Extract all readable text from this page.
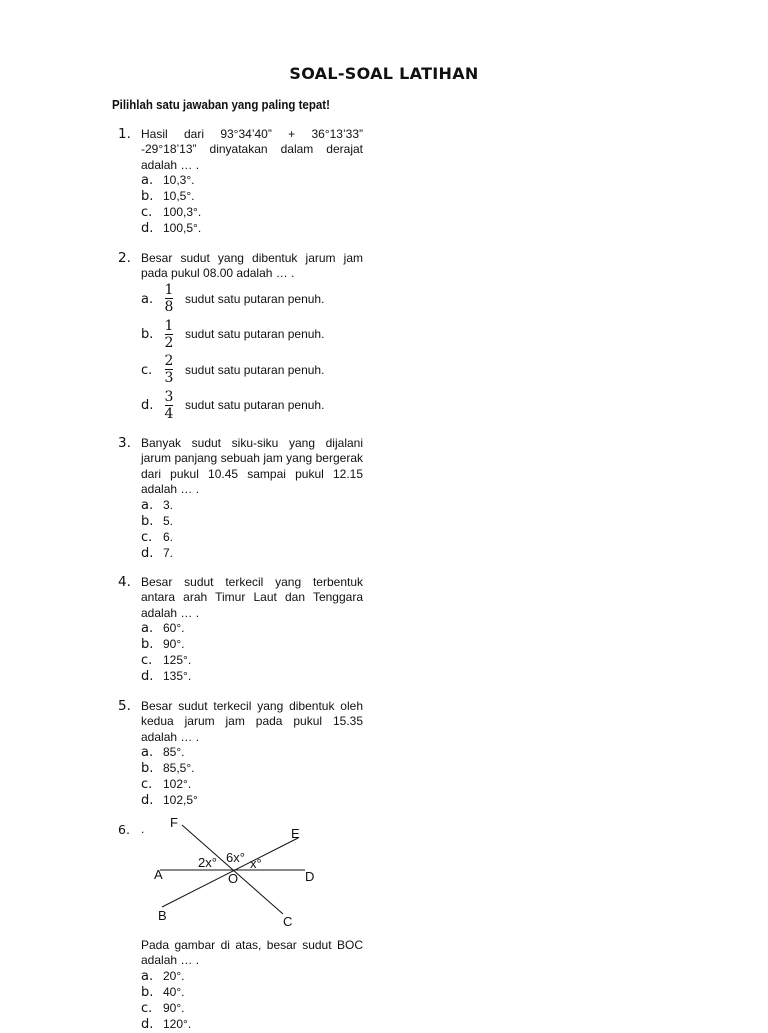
SOAL-SOAL LATIHAN
Pilihlah satu jawaban yang paling tepat!
1. Hasil dari 93°34’40” + 36°13’33” -29°18’13” dinyatakan dalam derajat adalah … .
a. 10,3°.
b. 10,5°.
c. 100,3°.
d. 100,5°.
2. Besar sudut yang dibentuk jarum jam pada pukul 08.00 adalah … .
a. $\frac{1}{8}$ sudut satu putaran penuh.
b. $\frac{1}{2}$ sudut satu putaran penuh.
c. $\frac{2}{3}$ sudut satu putaran penuh.
d. $\frac{3}{4}$ sudut satu putaran penuh.
3. Banyak sudut siku-siku yang dijalani jarum panjang sebuah jam yang bergerak dari pukul 10.45 sampai pukul 12.15 adalah … .
a. 3.
b. 5.
c. 6.
d. 7.
4. Besar sudut terkecil yang terbentuk antara arah Timur Laut dan Tenggara adalah … .
a. 60°.
b. 90°.
c. 125°.
d. 135°.
5. Besar sudut terkecil yang dibentuk oleh kedua jarum jam pada pukul 15.35 adalah … .
a. 85°.
b. 85,5°.
c. 102°.
d. 102,5°
6. .	F
E
A	O	D
B	C
2x° 6x° x°
Pada gambar di atas, besar sudut BOC adalah … .
a. 20°.
b. 40°.
c. 90°.
d. 120°.
